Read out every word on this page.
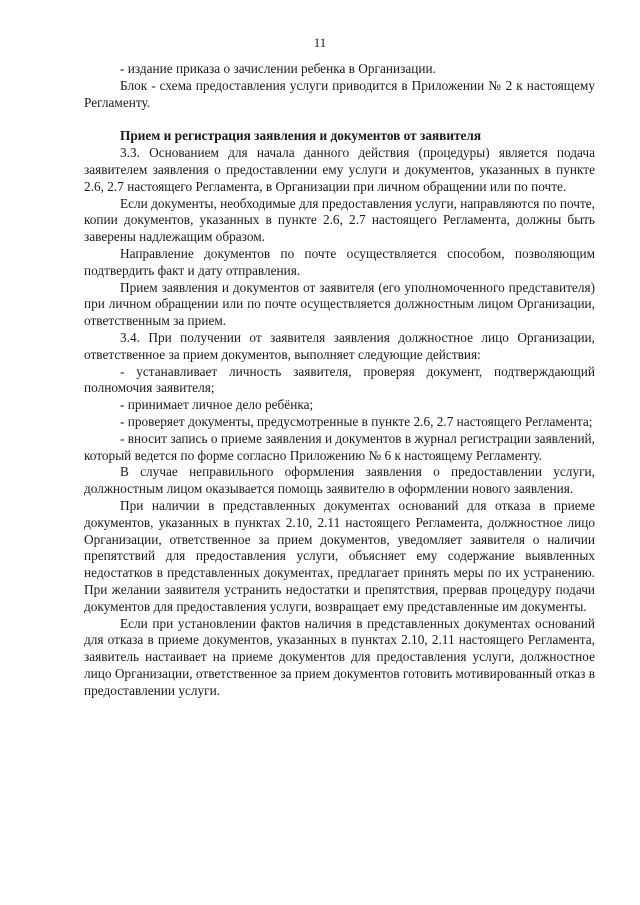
11

- издание приказа о зачислении ребенка в Организации.

Блок - схема предоставления услуги приводится в Приложении № 2 к настоящему Регламенту.

Прием и регистрация заявления и документов от заявителя

3.3. Основанием для начала данного действия (процедуры) является подача заявителем заявления о предоставлении ему услуги и документов, указанных в пункте 2.6, 2.7 настоящего Регламента, в Организации при личном обращении или по почте.

Если документы, необходимые для предоставления услуги, направляются по почте, копии документов, указанных в пункте 2.6, 2.7 настоящего Регламента, должны быть заверены надлежащим образом.

Направление документов по почте осуществляется способом, позволяющим подтвердить факт и дату отправления.

Прием заявления и документов от заявителя (его уполномоченного представителя) при личном обращении или по почте осуществляется должностным лицом Организации, ответственным за прием.

3.4. При получении от заявителя заявления должностное лицо Организации, ответственное за прием документов, выполняет следующие действия:

- устанавливает личность заявителя, проверяя документ, подтверждающий полномочия заявителя;

- принимает личное дело ребёнка;

- проверяет документы, предусмотренные в пункте 2.6, 2.7 настоящего Регламента;

- вносит запись о приеме заявления и документов в журнал регистрации заявлений, который ведется по форме согласно Приложению № 6 к настоящему Регламенту.

В случае неправильного оформления заявления о предоставлении услуги, должностным лицом оказывается помощь заявителю в оформлении нового заявления.

При наличии в представленных документах оснований для отказа в приеме документов, указанных в пунктах 2.10, 2.11 настоящего Регламента, должностное лицо Организации, ответственное за прием документов, уведомляет заявителя о наличии препятствий для предоставления услуги, объясняет ему содержание выявленных недостатков в представленных документах, предлагает принять меры по их устранению. При желании заявителя устранить недостатки и препятствия, прервав процедуру подачи документов для предоставления услуги, возвращает ему представленные им документы.

Если при установлении фактов наличия в представленных документах оснований для отказа в приеме документов, указанных в пунктах 2.10, 2.11 настоящего Регламента, заявитель настаивает на приеме документов для предоставления услуги, должностное лицо Организации, ответственное за прием документов готовить мотивированный отказ в предоставлении услуги.
